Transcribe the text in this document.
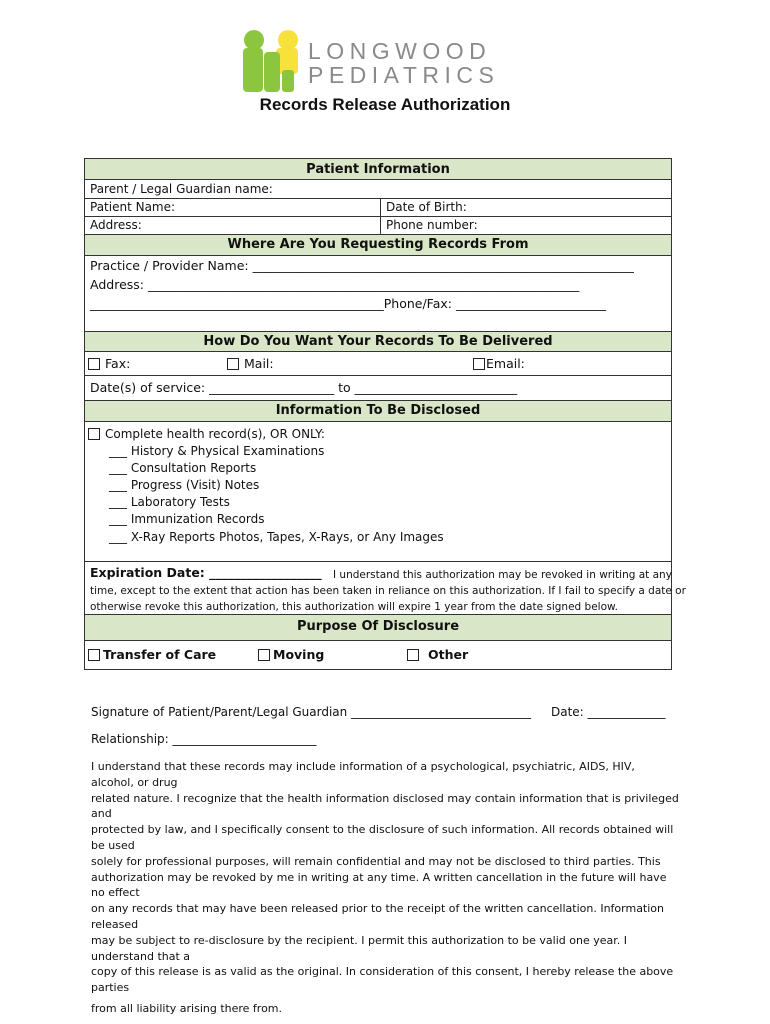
LONGWOOD
PEDIATRICS
Records Release Authorization
Patient Information
Parent / Legal Guardian name:
Patient Name:	Date of Birth:
Address:	Phone number:
Where Are You Requesting Records From
Practice / Provider Name: _____________________________________________________________
Address: _____________________________________________________________________
_______________________________________________Phone/Fax: ________________________
How Do You Want Your Records To Be Delivered
Fax:	Mail:	Email:
Date(s) of service: ____________________ to __________________________
Information To Be Disclosed
Complete health record(s), OR ONLY:
___ History & Physical Examinations
___ Consultation Reports
___ Progress (Visit) Notes
___ Laboratory Tests
___ Immunization Records
___ X-Ray Reports Photos, Tapes, X-Rays, or Any Images
Expiration Date: __________________ I understand this authorization may be revoked in writing at any
time, except to the extent that action has been taken in reliance on this authorization. If I fail to specify a date or
otherwise revoke this authorization, this authorization will expire 1 year from the date signed below.
Purpose Of Disclosure
Transfer of Care	Moving	Other
Signature of Patient/Parent/Legal Guardian ______________________________ Date: _____________
Relationship: ________________________
I understand that these records may include information of a psychological, psychiatric, AIDS, HIV, alcohol, or drug
related nature. I recognize that the health information disclosed may contain information that is privileged and
protected by law, and I specifically consent to the disclosure of such information. All records obtained will be used
solely for professional purposes, will remain confidential and may not be disclosed to third parties. This
authorization may be revoked by me in writing at any time. A written cancellation in the future will have no effect
on any records that may have been released prior to the receipt of the written cancellation. Information released
may be subject to re-disclosure by the recipient. I permit this authorization to be valid one year. I understand that a
copy of this release is as valid as the original. In consideration of this consent, I hereby release the above parties
from all liability arising there from.
